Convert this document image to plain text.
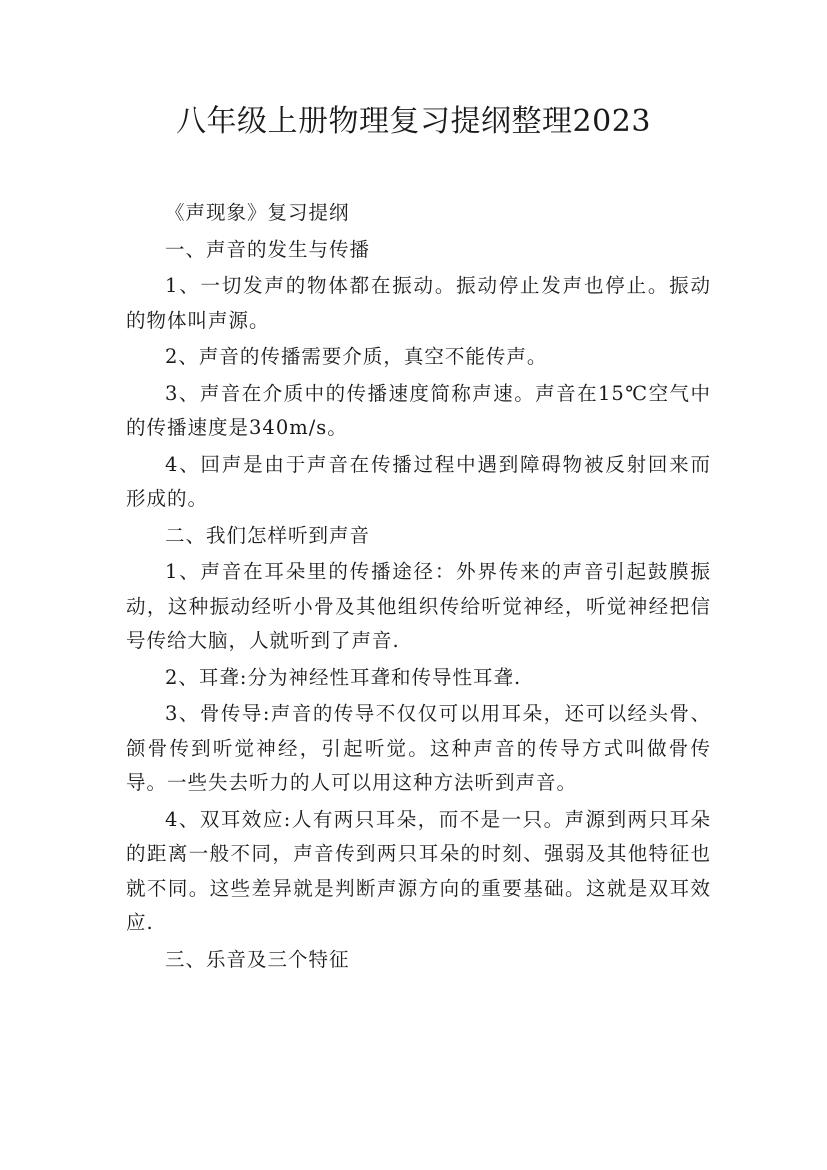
八年级上册物理复习提纲整理2023

《声现象》复习提纲

一、声音的发生与传播

1、一切发声的物体都在振动。振动停止发声也停止。振动的物体叫声源。

2、声音的传播需要介质，真空不能传声。

3、声音在介质中的传播速度简称声速。声音在15℃空气中的传播速度是340m/s。

4、回声是由于声音在传播过程中遇到障碍物被反射回来而形成的。

二、我们怎样听到声音

1、声音在耳朵里的传播途径：外界传来的声音引起鼓膜振动，这种振动经听小骨及其他组织传给听觉神经，听觉神经把信号传给大脑，人就听到了声音.

2、耳聋:分为神经性耳聋和传导性耳聋.

3、骨传导:声音的传导不仅仅可以用耳朵，还可以经头骨、颌骨传到听觉神经，引起听觉。这种声音的传导方式叫做骨传导。一些失去听力的人可以用这种方法听到声音。

4、双耳效应:人有两只耳朵，而不是一只。声源到两只耳朵的距离一般不同，声音传到两只耳朵的时刻、强弱及其他特征也就不同。这些差异就是判断声源方向的重要基础。这就是双耳效应.

三、乐音及三个特征
